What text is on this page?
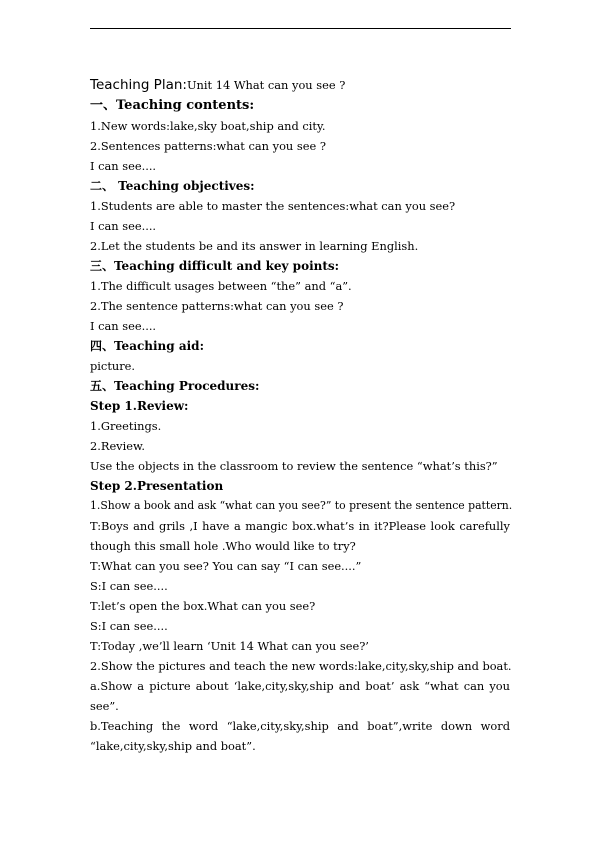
Teaching Plan:Unit 14 What can you see ?
一、Teaching contents:
1.New words:lake,sky boat,ship and city.
2.Sentences patterns:what can you see ?
I can see....
二、 Teaching objectives:
1.Students are able to master the sentences:what can you see?
I can see....
2.Let the students be and its answer in learning English.
三、Teaching difficult and key points:
1.The difficult usages between “the” and “a”.
2.The sentence patterns:what can you see ?
I can see....
四、Teaching aid:
picture.
五、Teaching Procedures:
Step 1.Review:
1.Greetings.
2.Review.
Use the objects in the classroom to review the sentence “what’s this?”
Step 2.Presentation
1.Show a book and ask “what can you see?” to present the sentence pattern.
T:Boys and grils ,I have a mangic box.what’s in it?Please look carefully
though this small hole .Who would like to try?
T:What can you see? You can say “I can see....”
S:I can see....
T:let’s open the box.What can you see?
S:I can see....
T:Today ,we’ll learn ‘Unit 14 What can you see?’
2.Show the pictures and teach the new words:lake,city,sky,ship and boat.
a.Show a picture about ‘lake,city,sky,ship and boat’ ask “what can you
see”.
b.Teaching the word “lake,city,sky,ship and boat”,write down word
“lake,city,sky,ship and boat”.
